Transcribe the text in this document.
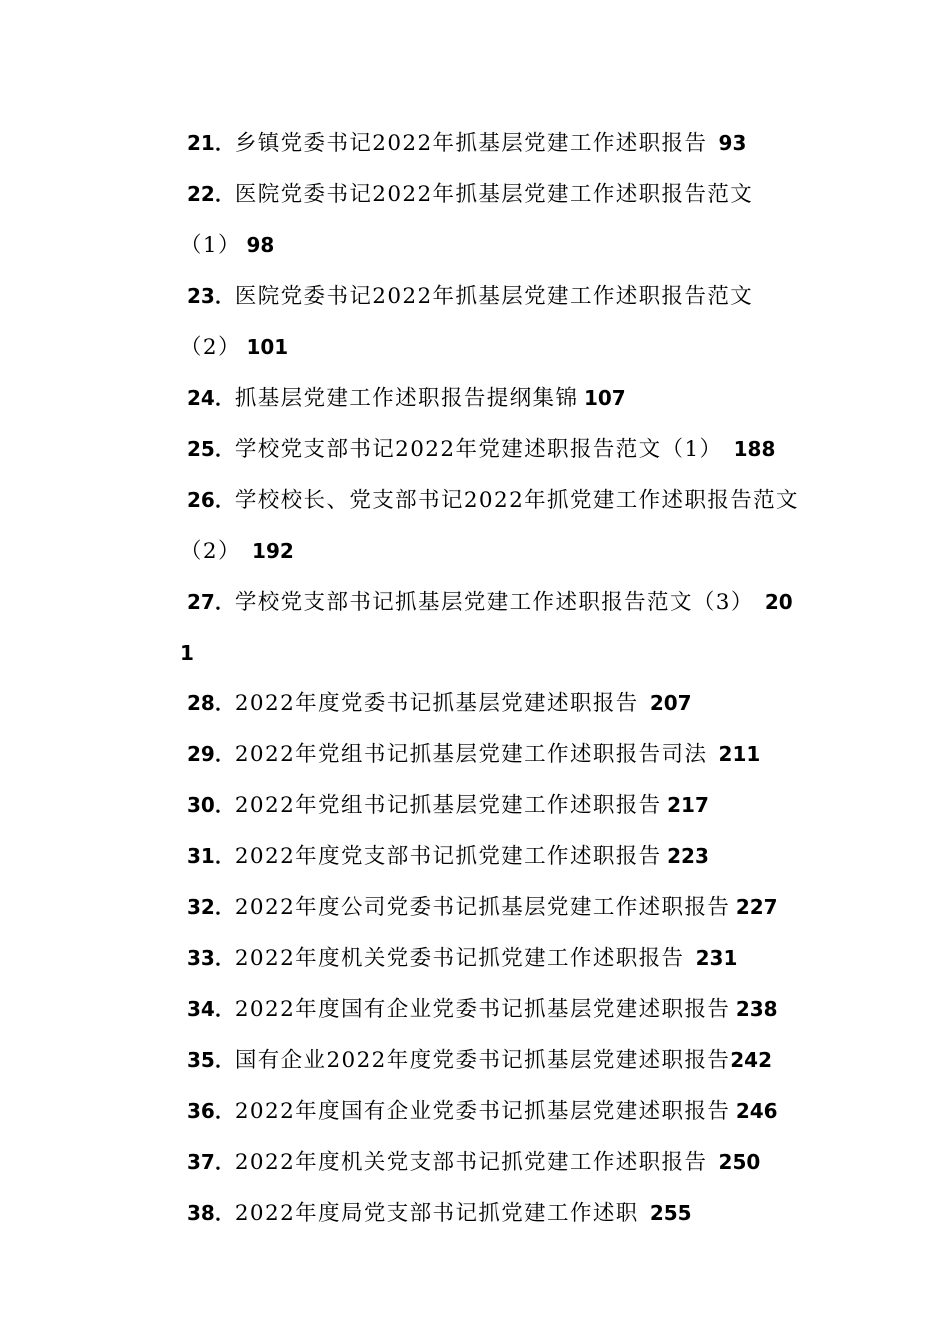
21．乡镇党委书记2022年抓基层党建工作述职报告 93

22．医院党委书记2022年抓基层党建工作述职报告范文（1） 98

23．医院党委书记2022年抓基层党建工作述职报告范文（2） 101

24．抓基层党建工作述职报告提纲集锦 107

25．学校党支部书记2022年党建述职报告范文（1） 188

26．学校校长、党支部书记2022年抓党建工作述职报告范文（2） 192

27．学校党支部书记抓基层党建工作述职报告范文（3） 201

28．2022年度党委书记抓基层党建述职报告 207

29．2022年党组书记抓基层党建工作述职报告司法 211

30．2022年党组书记抓基层党建工作述职报告 217

31．2022年度党支部书记抓党建工作述职报告 223

32．2022年度公司党委书记抓基层党建工作述职报告 227

33．2022年度机关党委书记抓党建工作述职报告 231

34．2022年度国有企业党委书记抓基层党建述职报告 238

35．国有企业2022年度党委书记抓基层党建述职报告242

36．2022年度国有企业党委书记抓基层党建述职报告 246

37．2022年度机关党支部书记抓党建工作述职报告 250

38．2022年度局党支部书记抓党建工作述职 255
